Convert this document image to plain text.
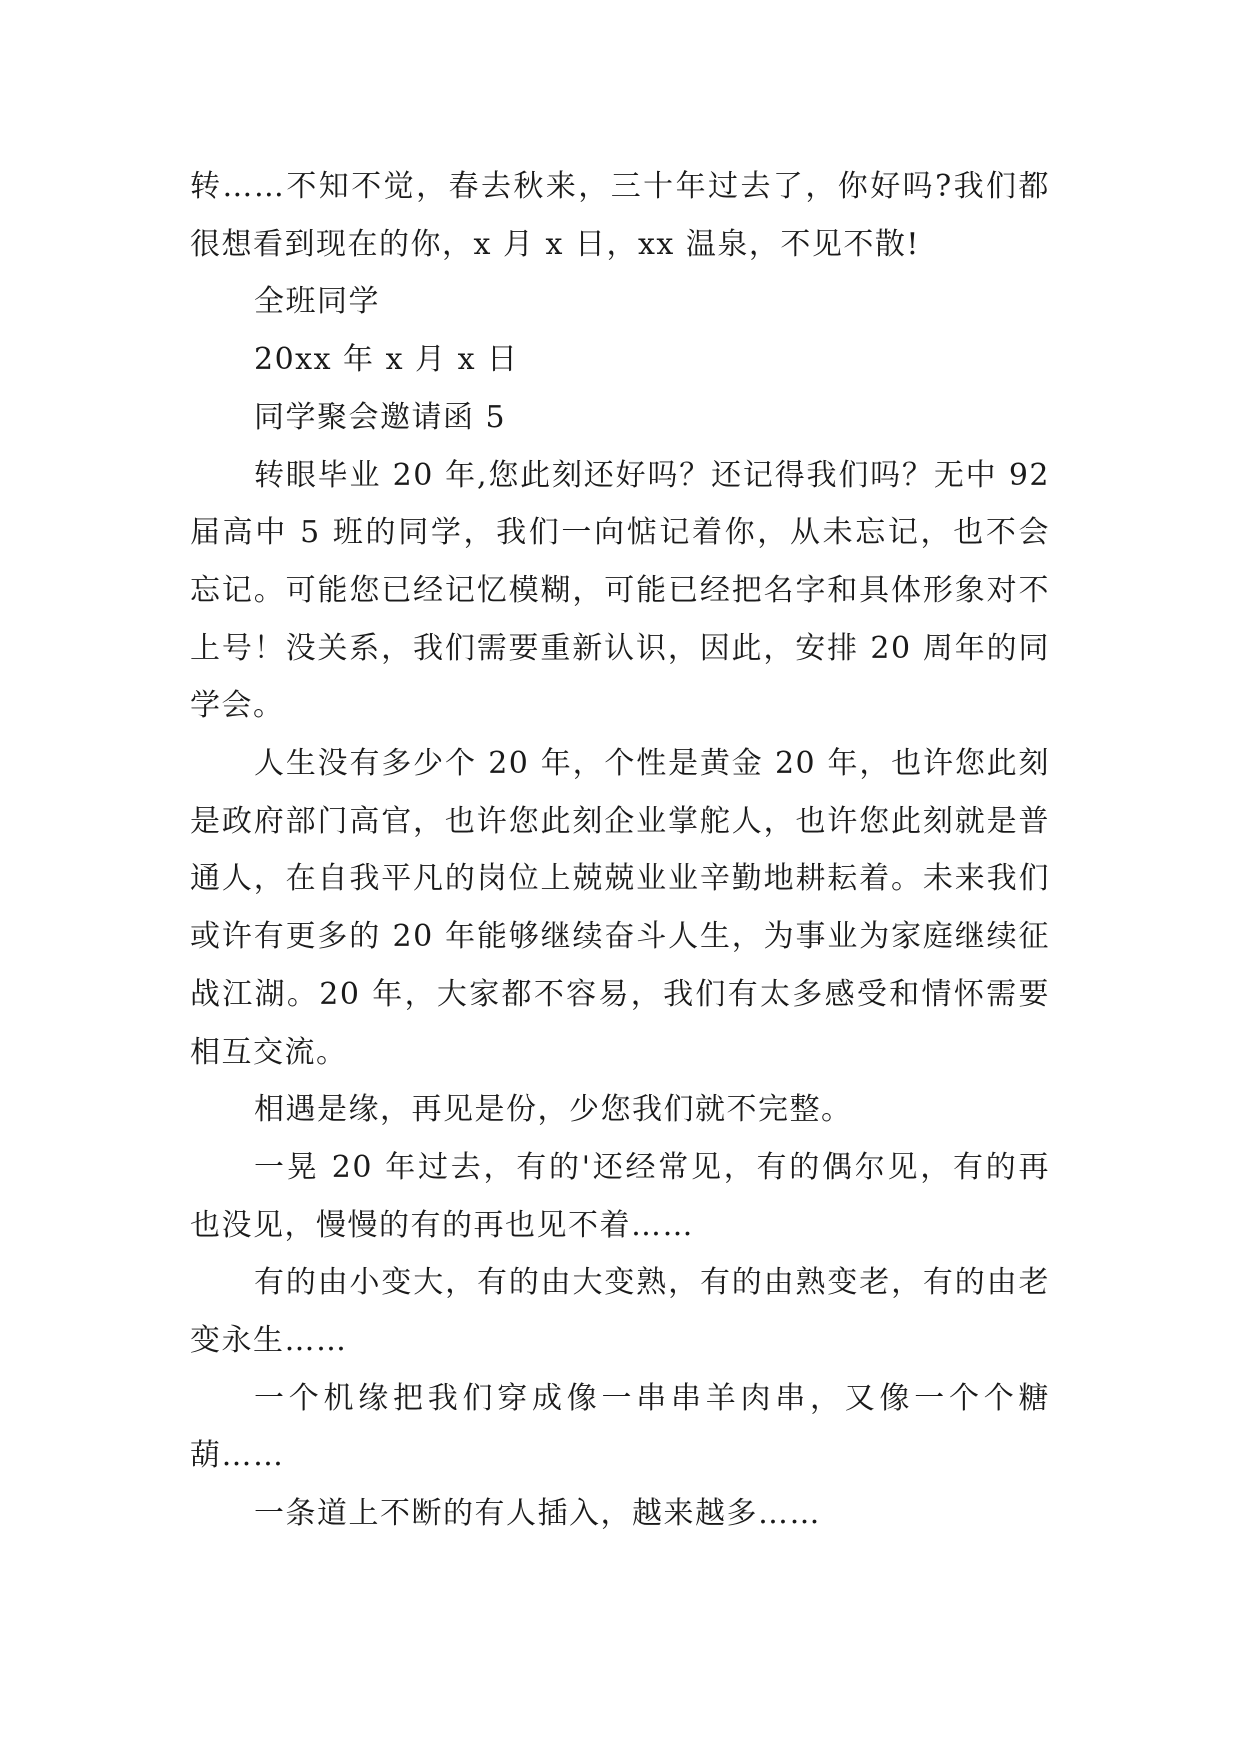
转……不知不觉，春去秋来，三十年过去了，你好吗?我们都很想看到现在的你，x 月 x 日，xx 温泉，不见不散!

全班同学

20xx 年 x 月 x 日

同学聚会邀请函 5

转眼毕业 20 年,您此刻还好吗？还记得我们吗？无中 92 届高中 5 班的同学，我们一向惦记着你，从未忘记，也不会忘记。可能您已经记忆模糊，可能已经把名字和具体形象对不上号！没关系，我们需要重新认识，因此，安排 20 周年的同学会。

人生没有多少个 20 年，个性是黄金 20 年，也许您此刻是政府部门高官，也许您此刻企业掌舵人，也许您此刻就是普通人，在自我平凡的岗位上兢兢业业辛勤地耕耘着。未来我们或许有更多的 20 年能够继续奋斗人生，为事业为家庭继续征战江湖。20 年，大家都不容易，我们有太多感受和情怀需要相互交流。

相遇是缘，再见是份，少您我们就不完整。

一晃 20 年过去，有的'还经常见，有的偶尔见，有的再也没见，慢慢的有的再也见不着……

有的由小变大，有的由大变熟，有的由熟变老，有的由老变永生……

一个机缘把我们穿成像一串串羊肉串，又像一个个糖葫……

一条道上不断的有人插入，越来越多……
